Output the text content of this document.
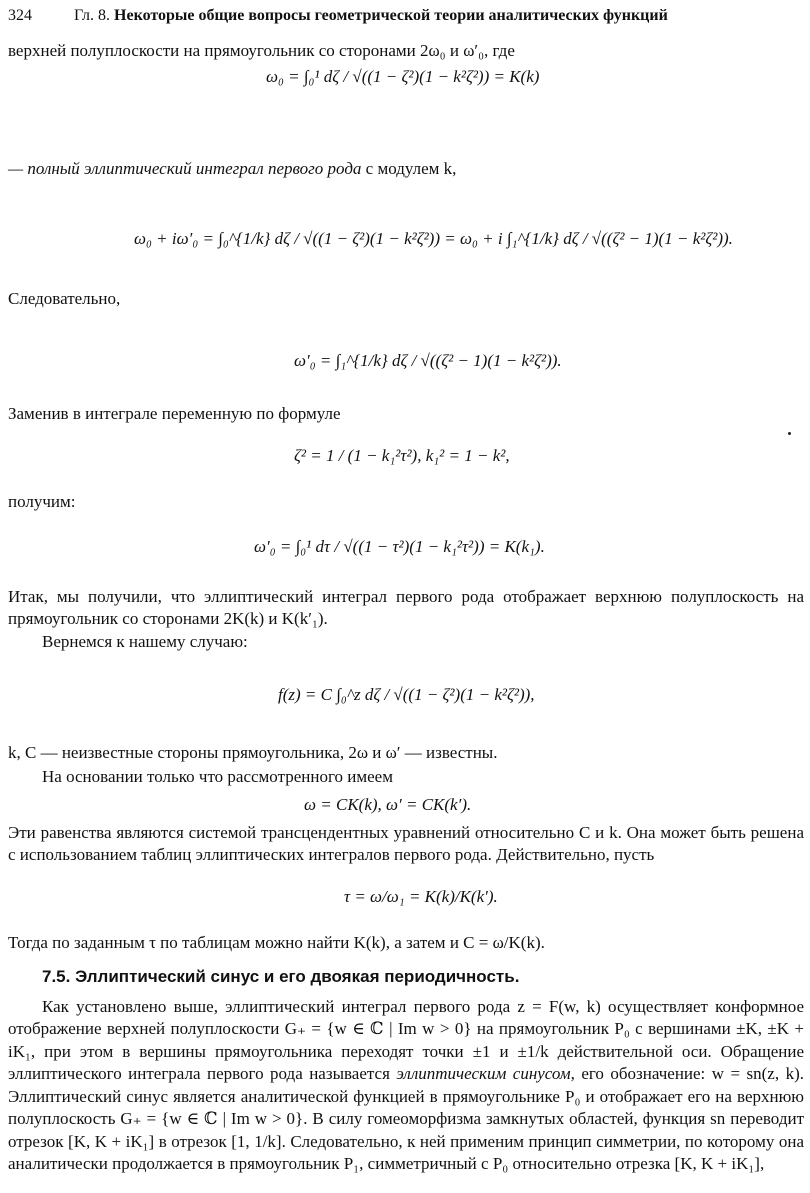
324	Гл. 8. Некоторые общие вопросы геометрической теории аналитических функций
верхней полуплоскости на прямоугольник со сторонами 2ω₀ и ω′₀, где
ω₀ = ∫₀¹ dζ / √((1 − ζ²)(1 − k²ζ²)) = K(k)
— полный эллиптический интеграл первого рода с модулем k,
ω₀ + iω′₀ = ∫₀^{1/k} dζ / √((1 − ζ²)(1 − k²ζ²)) = ω₀ + i ∫₁^{1/k} dζ / √((ζ² − 1)(1 − k²ζ²)).
Следовательно,
ω′₀ = ∫₁^{1/k} dζ / √((ζ² − 1)(1 − k²ζ²)).
Заменив в интеграле переменную по формуле
ζ² = 1 / (1 − k₁²τ²), k₁² = 1 − k²,
получим:
ω′₀ = ∫₀¹ dτ / √((1 − τ²)(1 − k₁²τ²)) = K(k₁).
Итак, мы получили, что эллиптический интеграл первого рода отображает верхнюю полуплоскость на прямоугольник со сторонами 2K(k) и K(k′₁).
Вернемся к нашему случаю:
f(z) = C ∫₀^z dζ / √((1 − ζ²)(1 − k²ζ²)),
k, C — неизвестные стороны прямоугольника, 2ω и ω′ — известны.
На основании только что рассмотренного имеем
ω = CK(k), ω′ = CK(k′).
Эти равенства являются системой трансцендентных уравнений относительно C и k. Она может быть решена с использованием таблиц эллиптических интегралов первого рода. Действительно, пусть
τ = ω/ω₁ = K(k)/K(k′).
Тогда по заданным τ по таблицам можно найти K(k), а затем и C = ω/K(k).
7.5. Эллиптический синус и его двоякая периодичность.
Как установлено выше, эллиптический интеграл первого рода z = F(w, k) осуществляет конформное отображение верхней полуплоскости G₊ = {w ∈ ℂ | Im w > 0} на прямоугольник P₀ с вершинами ±K, ±K + iK₁, при этом в вершины прямоугольника переходят точки ±1 и ±1/k действительной оси. Обращение эллиптического интеграла первого рода называется эллиптическим синусом, его обозначение: w = sn(z, k). Эллиптический синус является аналитической функцией в прямоугольнике P₀ и отображает его на верхнюю полуплоскость G₊ = {w ∈ ℂ | Im w > 0}. В силу гомеоморфизма замкнутых областей, функция sn переводит отрезок [K, K + iK₁] в отрезок [1, 1/k]. Следовательно, к ней применим принцип симметрии, по которому она аналитически продолжается в прямоугольник P₁, симметричный с P₀ относительно отрезка [K, K + iK₁],
